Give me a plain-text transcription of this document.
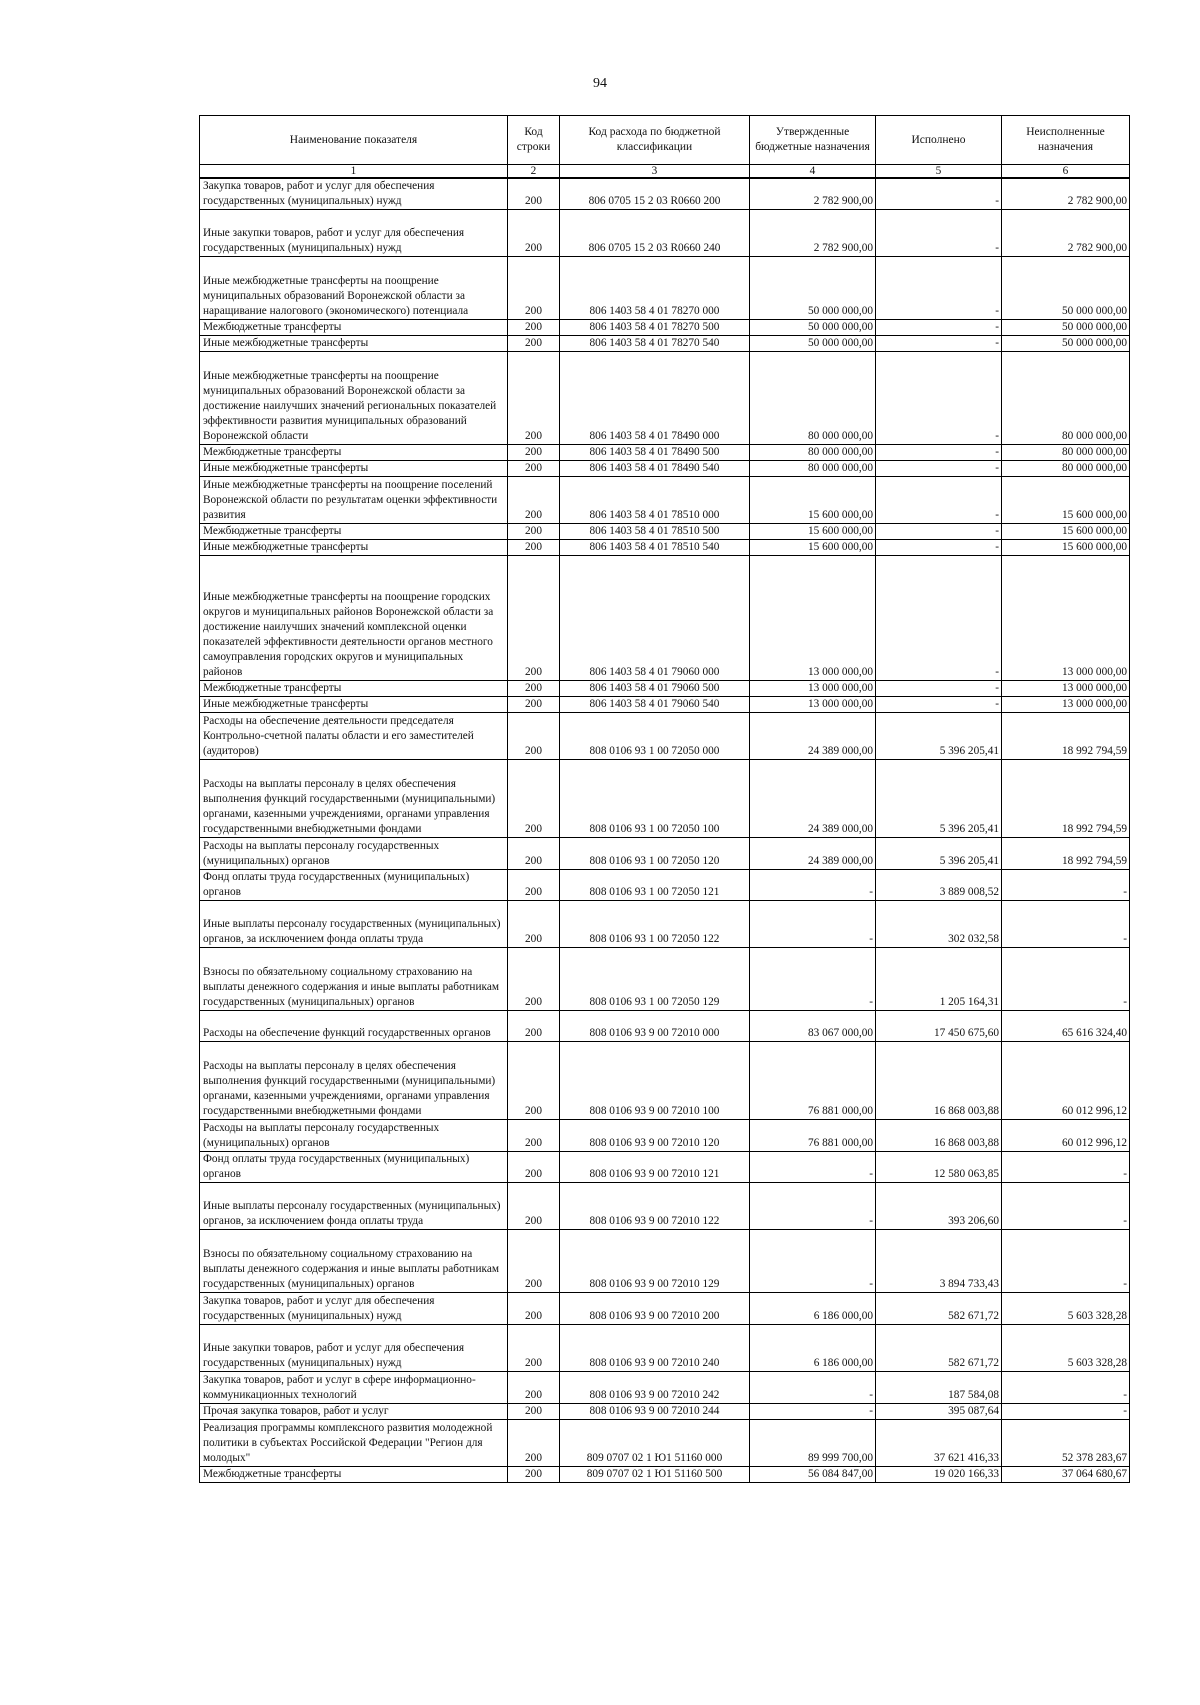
94
Наименование показателя	Код строки	Код расхода по бюджетной классификации	Утвержденные бюджетные назначения	Исполнено	Неисполненные назначения
1	2	3	4	5	6
Закупка товаров, работ и услуг для обеспечения государственных (муниципальных) нужд	200	806 0705 15 2 03 R0660 200	2 782 900,00	-	2 782 900,00
Иные закупки товаров, работ и услуг для обеспечения государственных (муниципальных) нужд	200	806 0705 15 2 03 R0660 240	2 782 900,00	-	2 782 900,00
Иные межбюджетные трансферты на поощрение муниципальных образований Воронежской области за наращивание налогового (экономического) потенциала	200	806 1403 58 4 01 78270 000	50 000 000,00	-	50 000 000,00
Межбюджетные трансферты	200	806 1403 58 4 01 78270 500	50 000 000,00	-	50 000 000,00
Иные межбюджетные трансферты	200	806 1403 58 4 01 78270 540	50 000 000,00	-	50 000 000,00
Иные межбюджетные трансферты на поощрение муниципальных образований Воронежской области за достижение наилучших значений региональных показателей эффективности развития муниципальных образований Воронежской области	200	806 1403 58 4 01 78490 000	80 000 000,00	-	80 000 000,00
Межбюджетные трансферты	200	806 1403 58 4 01 78490 500	80 000 000,00	-	80 000 000,00
Иные межбюджетные трансферты	200	806 1403 58 4 01 78490 540	80 000 000,00	-	80 000 000,00
Иные межбюджетные трансферты на поощрение поселений Воронежской области по результатам оценки эффективности развития	200	806 1403 58 4 01 78510 000	15 600 000,00	-	15 600 000,00
Межбюджетные трансферты	200	806 1403 58 4 01 78510 500	15 600 000,00	-	15 600 000,00
Иные межбюджетные трансферты	200	806 1403 58 4 01 78510 540	15 600 000,00	-	15 600 000,00
Иные межбюджетные трансферты на поощрение городских округов и муниципальных районов Воронежской области за достижение наилучших значений комплексной оценки показателей эффективности деятельности органов местного самоуправления городских округов и муниципальных районов	200	806 1403 58 4 01 79060 000	13 000 000,00	-	13 000 000,00
Межбюджетные трансферты	200	806 1403 58 4 01 79060 500	13 000 000,00	-	13 000 000,00
Иные межбюджетные трансферты	200	806 1403 58 4 01 79060 540	13 000 000,00	-	13 000 000,00
Расходы на обеспечение деятельности председателя Контрольно-счетной палаты области и его заместителей (аудиторов)	200	808 0106 93 1 00 72050 000	24 389 000,00	5 396 205,41	18 992 794,59
Расходы на выплаты персоналу в целях обеспечения выполнения функций государственными (муниципальными) органами, казенными учреждениями, органами управления государственными внебюджетными фондами	200	808 0106 93 1 00 72050 100	24 389 000,00	5 396 205,41	18 992 794,59
Расходы на выплаты персоналу государственных (муниципальных) органов	200	808 0106 93 1 00 72050 120	24 389 000,00	5 396 205,41	18 992 794,59
Фонд оплаты труда государственных (муниципальных) органов	200	808 0106 93 1 00 72050 121	-	3 889 008,52	-
Иные выплаты персоналу государственных (муниципальных) органов, за исключением фонда оплаты труда	200	808 0106 93 1 00 72050 122	-	302 032,58	-
Взносы по обязательному социальному страхованию на выплаты денежного содержания и иные выплаты работникам государственных (муниципальных) органов	200	808 0106 93 1 00 72050 129	-	1 205 164,31	-
Расходы на обеспечение функций государственных органов	200	808 0106 93 9 00 72010 000	83 067 000,00	17 450 675,60	65 616 324,40
Расходы на выплаты персоналу в целях обеспечения выполнения функций государственными (муниципальными) органами, казенными учреждениями, органами управления государственными внебюджетными фондами	200	808 0106 93 9 00 72010 100	76 881 000,00	16 868 003,88	60 012 996,12
Расходы на выплаты персоналу государственных (муниципальных) органов	200	808 0106 93 9 00 72010 120	76 881 000,00	16 868 003,88	60 012 996,12
Фонд оплаты труда государственных (муниципальных) органов	200	808 0106 93 9 00 72010 121	-	12 580 063,85	-
Иные выплаты персоналу государственных (муниципальных) органов, за исключением фонда оплаты труда	200	808 0106 93 9 00 72010 122	-	393 206,60	-
Взносы по обязательному социальному страхованию на выплаты денежного содержания и иные выплаты работникам государственных (муниципальных) органов	200	808 0106 93 9 00 72010 129	-	3 894 733,43	-
Закупка товаров, работ и услуг для обеспечения государственных (муниципальных) нужд	200	808 0106 93 9 00 72010 200	6 186 000,00	582 671,72	5 603 328,28
Иные закупки товаров, работ и услуг для обеспечения государственных (муниципальных) нужд	200	808 0106 93 9 00 72010 240	6 186 000,00	582 671,72	5 603 328,28
Закупка товаров, работ и услуг в сфере информационно-коммуникационных технологий	200	808 0106 93 9 00 72010 242	-	187 584,08	-
Прочая закупка товаров, работ и услуг	200	808 0106 93 9 00 72010 244	-	395 087,64	-
Реализация программы комплексного развития молодежной политики в субъектах Российской Федерации "Регион для молодых"	200	809 0707 02 1 Ю1 51160 000	89 999 700,00	37 621 416,33	52 378 283,67
Межбюджетные трансферты	200	809 0707 02 1 Ю1 51160 500	56 084 847,00	19 020 166,33	37 064 680,67
